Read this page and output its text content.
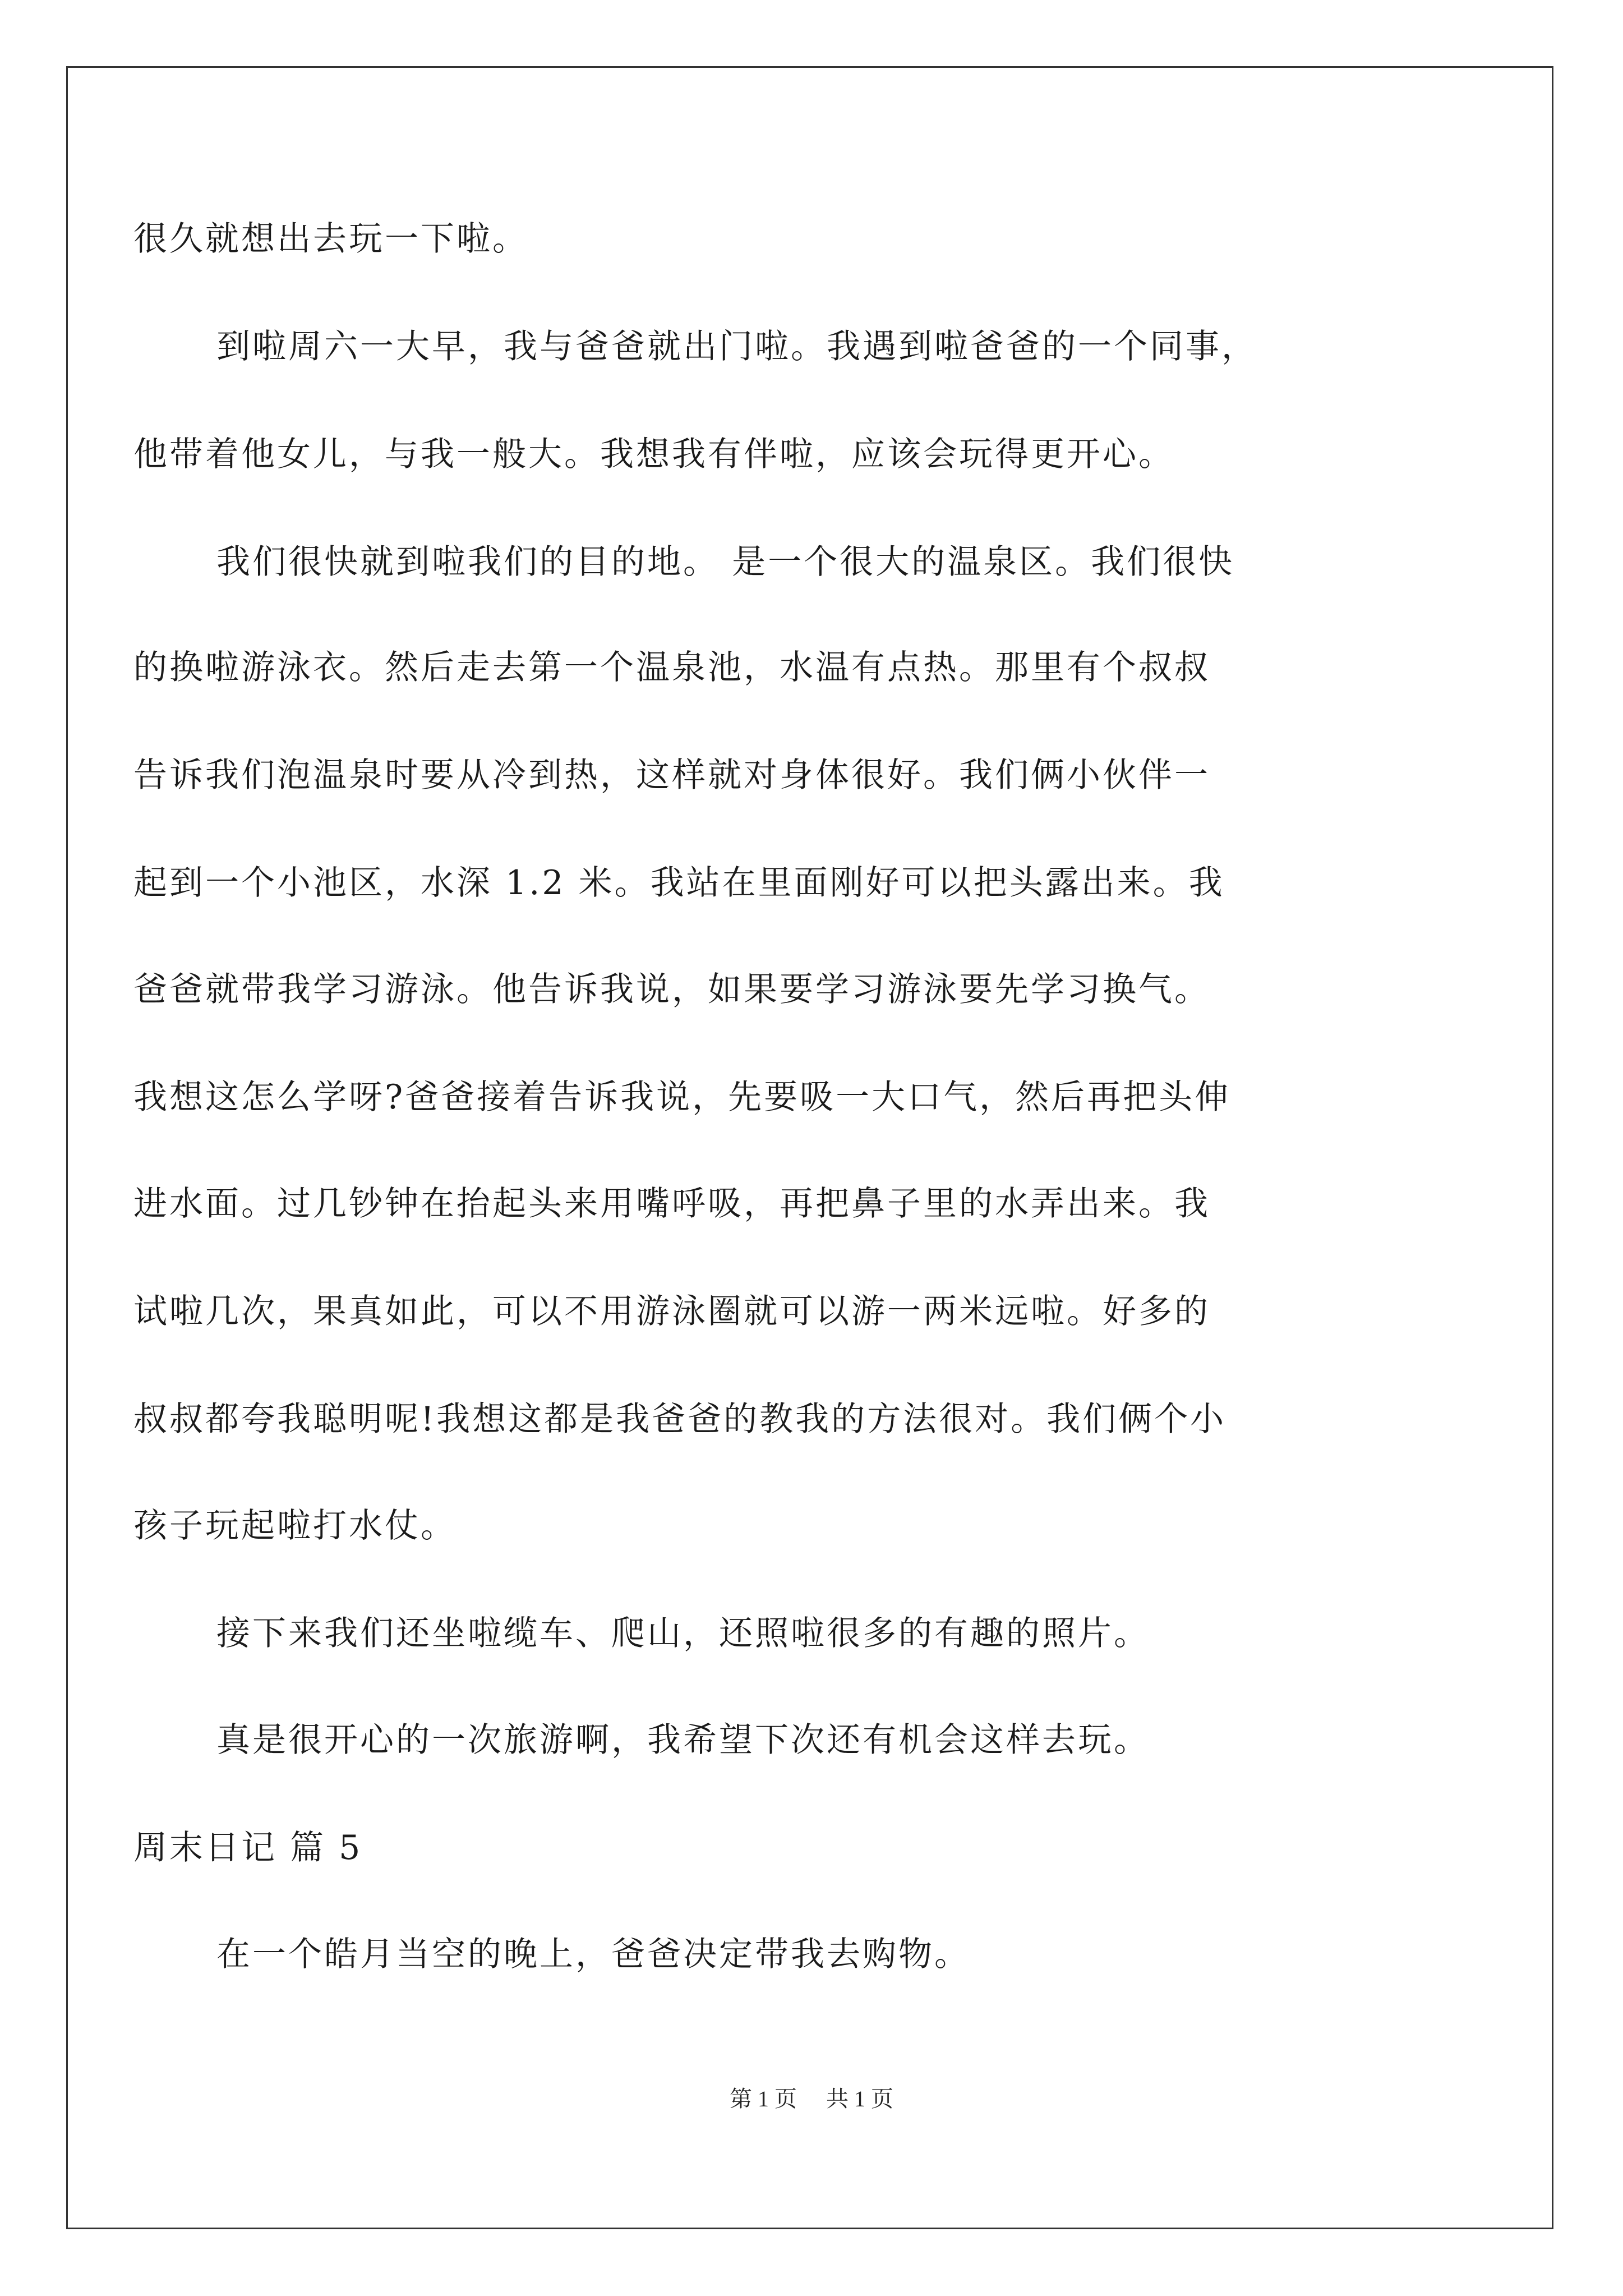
很久就想出去玩一下啦。
到啦周六一大早，我与爸爸就出门啦。我遇到啦爸爸的一个同事，
他带着他女儿，与我一般大。我想我有伴啦，应该会玩得更开心。
我们很快就到啦我们的目的地。 是一个很大的温泉区。我们很快
的换啦游泳衣。然后走去第一个温泉池，水温有点热。那里有个叔叔
告诉我们泡温泉时要从冷到热，这样就对身体很好。我们俩小伙伴一
起到一个小池区，水深 1.2 米。我站在里面刚好可以把头露出来。我
爸爸就带我学习游泳。他告诉我说，如果要学习游泳要先学习换气。
我想这怎么学呀?爸爸接着告诉我说，先要吸一大口气，然后再把头伸
进水面。过几钞钟在抬起头来用嘴呼吸，再把鼻子里的水弄出来。我
试啦几次，果真如此，可以不用游泳圈就可以游一两米远啦。好多的
叔叔都夸我聪明呢!我想这都是我爸爸的教我的方法很对。我们俩个小
孩子玩起啦打水仗。
接下来我们还坐啦缆车、爬山，还照啦很多的有趣的照片。
真是很开心的一次旅游啊，我希望下次还有机会这样去玩。
周末日记 篇 5
在一个皓月当空的晚上，爸爸决定带我去购物。
第 1 页 共 1 页
